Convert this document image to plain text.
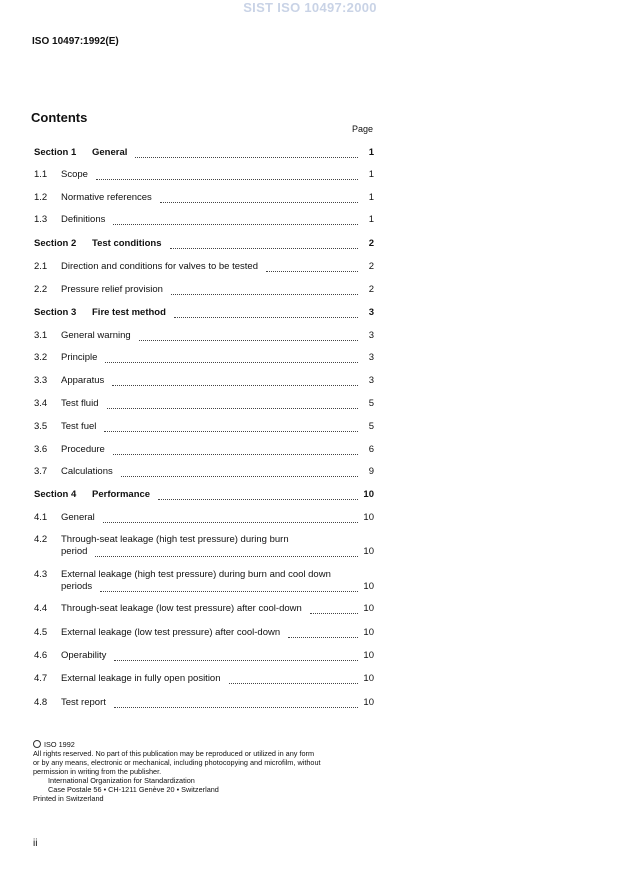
SIST ISO 10497:2000
ISO 10497:1992(E)
Contents
Page
Section 1 General	1
1.1 Scope	1
1.2 Normative references	1
1.3 Definitions	1
Section 2 Test conditions	2
2.1 Direction and conditions for valves to be tested	2
2.2 Pressure relief provision	2
Section 3 Fire test method	3
3.1 General warning	3
3.2 Principle	3
3.3 Apparatus	3
3.4 Test fluid	5
3.5 Test fuel	5
3.6 Procedure	6
3.7 Calculations	9
Section 4 Performance	10
4.1 General	10
4.2 Through-seat leakage (high test pressure) during burn
period	10
4.3 External leakage (high test pressure) during burn and cool down
periods	10
4.4 Through-seat leakage (low test pressure) after cool-down	10
4.5 External leakage (low test pressure) after cool-down	10
4.6 Operability	10
4.7 External leakage in fully open position	10
4.8 Test report	10
ISO 1992
All rights reserved. No part of this publication may be reproduced or utilized in any form
or by any means, electronic or mechanical, including photocopying and microfilm, without
permission in writing from the publisher.
International Organization for Standardization
Case Postale 56 • CH-1211 Genève 20 • Switzerland
Printed in Switzerland
ii
